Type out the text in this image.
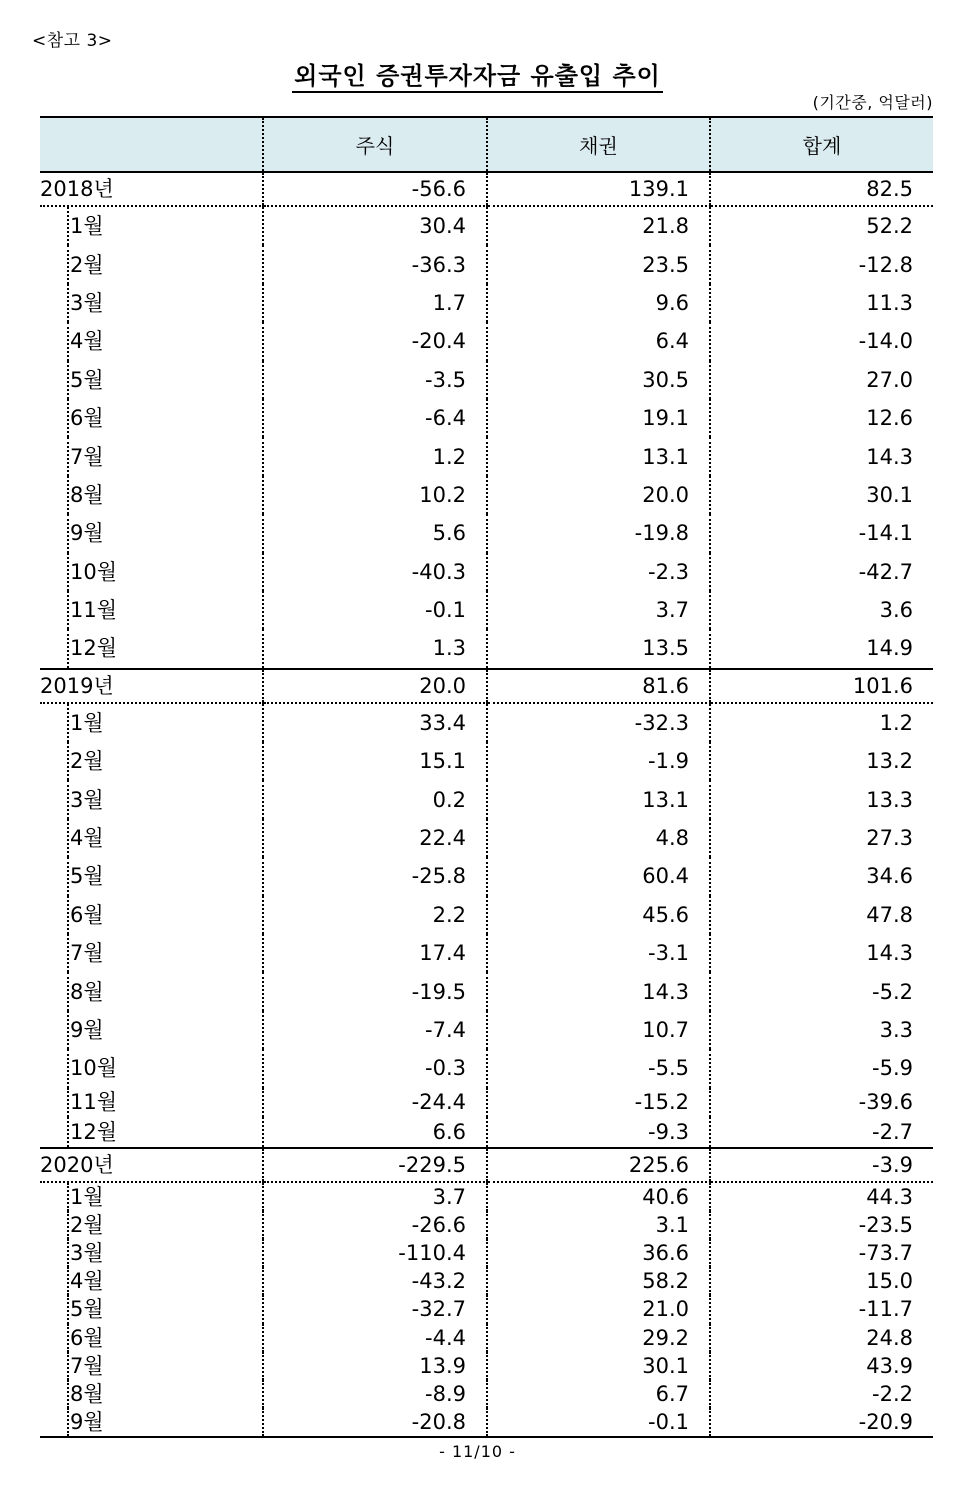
<참고 3>
외국인 증권투자자금 유출입 추이
(기간중, 억달러)
	주식	채권	합계
2018년	-56.6	139.1	82.5

1월	30.4	21.8	52.2

2월	-36.3	23.5	-12.8

3월	1.7	9.6	11.3

4월	-20.4	6.4	-14.0

5월	-3.5	30.5	27.0

6월	-6.4	19.1	12.6

7월	1.2	13.1	14.3

8월	10.2	20.0	30.1

9월	5.6	-19.8	-14.1

10월	-40.3	-2.3	-42.7

11월	-0.1	3.7	3.6

12월	1.3	13.5	14.9
2019년	20.0	81.6	101.6

1월	33.4	-32.3	1.2

2월	15.1	-1.9	13.2

3월	0.2	13.1	13.3

4월	22.4	4.8	27.3

5월	-25.8	60.4	34.6

6월	2.2	45.6	47.8

7월	17.4	-3.1	14.3

8월	-19.5	14.3	-5.2

9월	-7.4	10.7	3.3

10월	-0.3	-5.5	-5.9

11월	-24.4	-15.2	-39.6

12월	6.6	-9.3	-2.7
2020년	-229.5	225.6	-3.9

1월	3.7	40.6	44.3

2월	-26.6	3.1	-23.5

3월	-110.4	36.6	-73.7

4월	-43.2	58.2	15.0

5월	-32.7	21.0	-11.7

6월	-4.4	29.2	24.8

7월	13.9	30.1	43.9

8월	-8.9	6.7	-2.2

9월	-20.8	-0.1	-20.9
- 11/10 -
